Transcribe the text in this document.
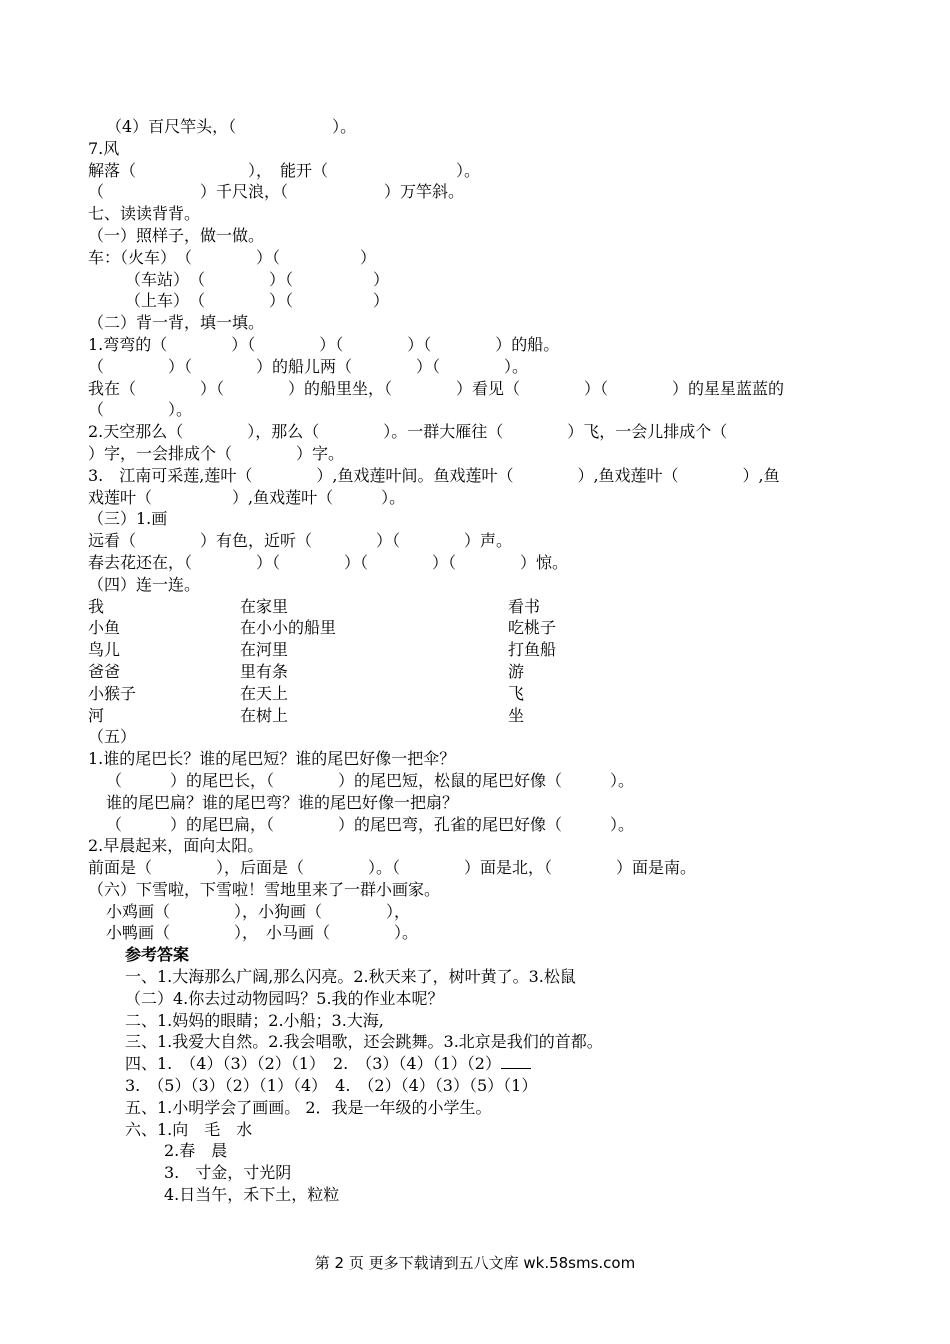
（4）百尺竿头，（　　　　　　）。
7.风
解落（　　　　　　　），　能开（　　　　　　　　）。
（　　　　　　）千尺浪，（　　　　　　）万竿斜。
七、读读背背。
（一）照样子，做一做。
车：（火车）　（　　　　）（　　　　　）
（车站）　（　　　　）（　　　　　）
（上车）　（　　　　）（　　　　　）
（二）背一背，填一填。
1.弯弯的（　　　　）（　　　　）（　　　　）（　　　　）的船。
（　　　　）（　　　　）的船儿两（　　　　）（　　　　）。
我在（　　　　）（　　　　）的船里坐，（　　　　）看见（　　　　）（　　　　）的星星蓝蓝的
（　　　　）。
2.天空那么（　　　　），那么（　　　　）。一群大雁往（　　　　）飞，一会儿排成个（
）字，一会排成个（　　　　）字。
3.　江南可采莲,莲叶（　　　　）,鱼戏莲叶间。鱼戏莲叶（　　　　）,鱼戏莲叶（　　　　）,鱼
戏莲叶（　　　　　）,鱼戏莲叶（　　　）。
（三）1.画
远看（　　　　）有色，近听（　　　　）（　　　　）声。
春去花还在，（　　　　）（　　　　）（　　　　）（　　　　）惊。
（四）连一连。
我	在家里	看书
小鱼	在小小的船里	吃桃子
鸟儿	在河里	打鱼船
爸爸	里有条	游
小猴子	在天上	飞
河	在树上	坐
（五）
1.谁的尾巴长？谁的尾巴短？谁的尾巴好像一把伞？
（　　　）的尾巴长，（　　　　）的尾巴短，松鼠的尾巴好像（　　　）。
谁的尾巴扁？谁的尾巴弯？谁的尾巴好像一把扇？
（　　　）的尾巴扁，（　　　　）的尾巴弯，孔雀的尾巴好像（　　　）。
2.早晨起来，面向太阳。
前面是（　　　　），后面是（　　　　）。（　　　　）面是北，（　　　　）面是南。
（六）下雪啦，下雪啦！雪地里来了一群小画家。
小鸡画（　　　　），小狗画（　　　　），
小鸭画（　　　　），　小马画（　　　　）。
参考答案
一、1.大海那么广阔,那么闪亮。2.秋天来了，树叶黄了。3.松鼠
（二）4.你去过动物园吗？5.我的作业本呢？
二、1.妈妈的眼睛；2.小船；3.大海,
三、1.我爱大自然。2.我会唱歌，还会跳舞。3.北京是我们的首都。
四、1.　（4）（3）（2）（1）　2.　（3）（4）（1）（2）
3.　（5）（3）（2）（1）（4）　4.　（2）（4）（3）（5）（1）
五、1.小明学会了画画。 2．我是一年级的小学生。
六、1.向　毛　水
2.春　晨
3.　寸金，寸光阴
4.日当午，禾下土，粒粒
第 2 页 更多下载请到五八文库 wk.58sms.com
